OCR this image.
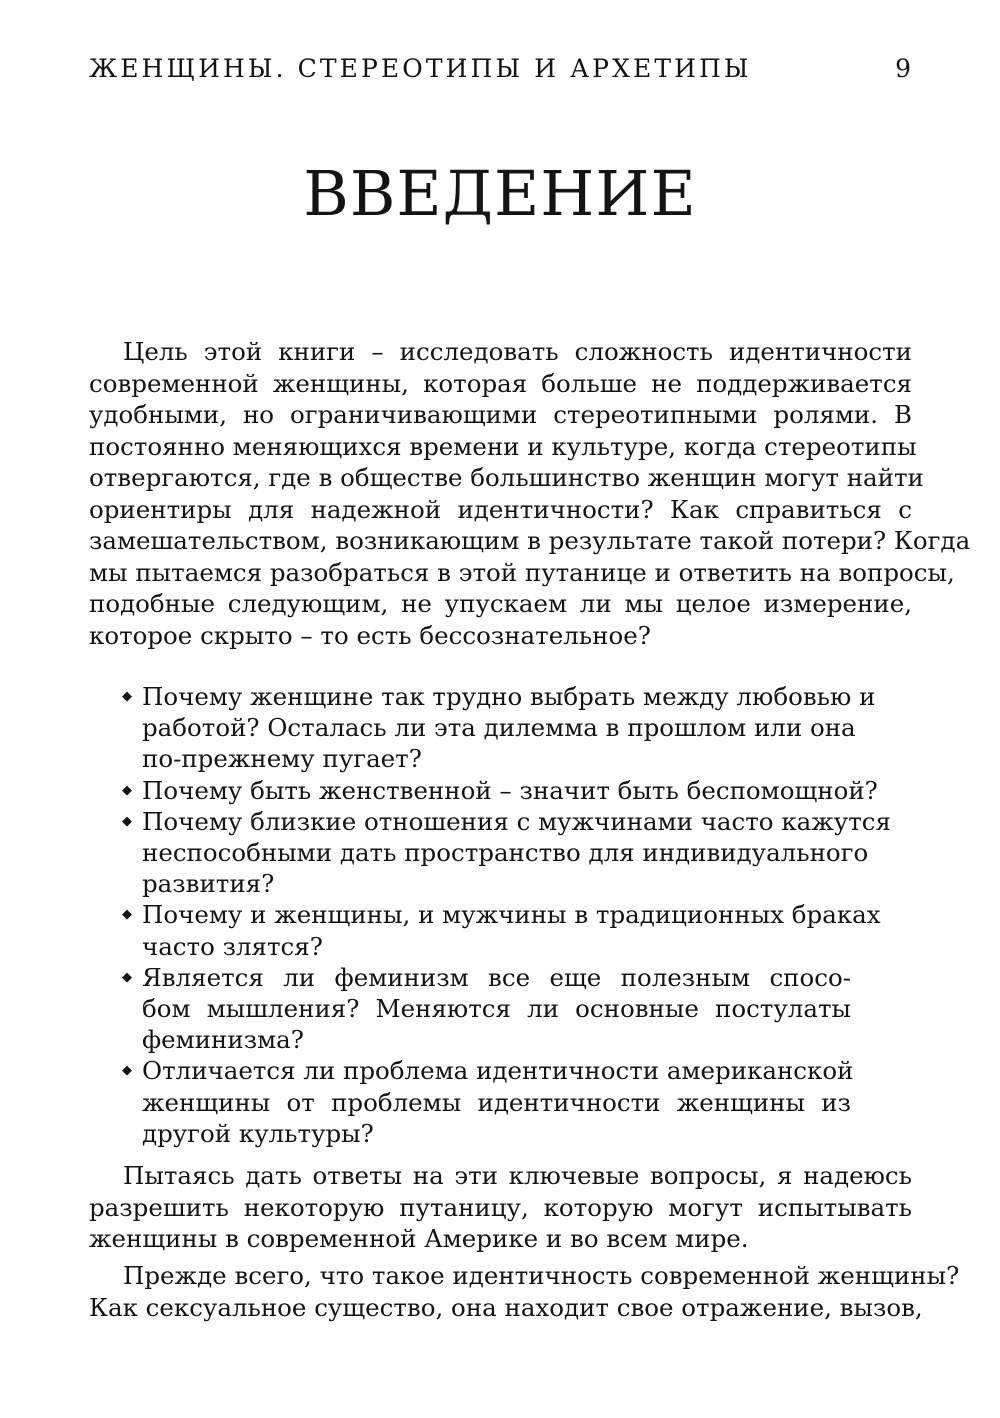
ЖЕНЩИНЫ. СТЕРЕОТИПЫ И АРХЕТИПЫ	9
ВВЕДЕНИЕ
Цель этой книги – исследовать сложность идентичности
современной женщины, которая больше не поддерживается
удобными, но ограничивающими стереотипными ролями. В
постоянно меняющихся времени и культуре, когда стереотипы
отвергаются, где в обществе большинство женщин могут найти
ориентиры для надежной идентичности? Как справиться с
замешательством, возникающим в результате такой потери? Когда
мы пытаемся разобраться в этой путанице и ответить на вопросы,
подобные следующим, не упускаем ли мы целое измерение,
которое скрыто – то есть бессознательное?
◆ Почему женщине так трудно выбрать между любовью и
работой? Осталась ли эта дилемма в прошлом или она
по-прежнему пугает?
◆ Почему быть женственной – значит быть беспомощной?
◆ Почему близкие отношения с мужчинами часто кажутся
неспособными дать пространство для индивидуального
развития?
◆ Почему и женщины, и мужчины в традиционных браках
часто злятся?
◆ Является ли феминизм все еще полезным спосо-
бом мышления? Меняются ли основные постулаты
феминизма?
◆ Отличается ли проблема идентичности американской
женщины от проблемы идентичности женщины из
другой культуры?
Пытаясь дать ответы на эти ключевые вопросы, я надеюсь
разрешить некоторую путаницу, которую могут испытывать
женщины в современной Америке и во всем мире.
Прежде всего, что такое идентичность современной женщины?
Как сексуальное существо, она находит свое отражение, вызов,
